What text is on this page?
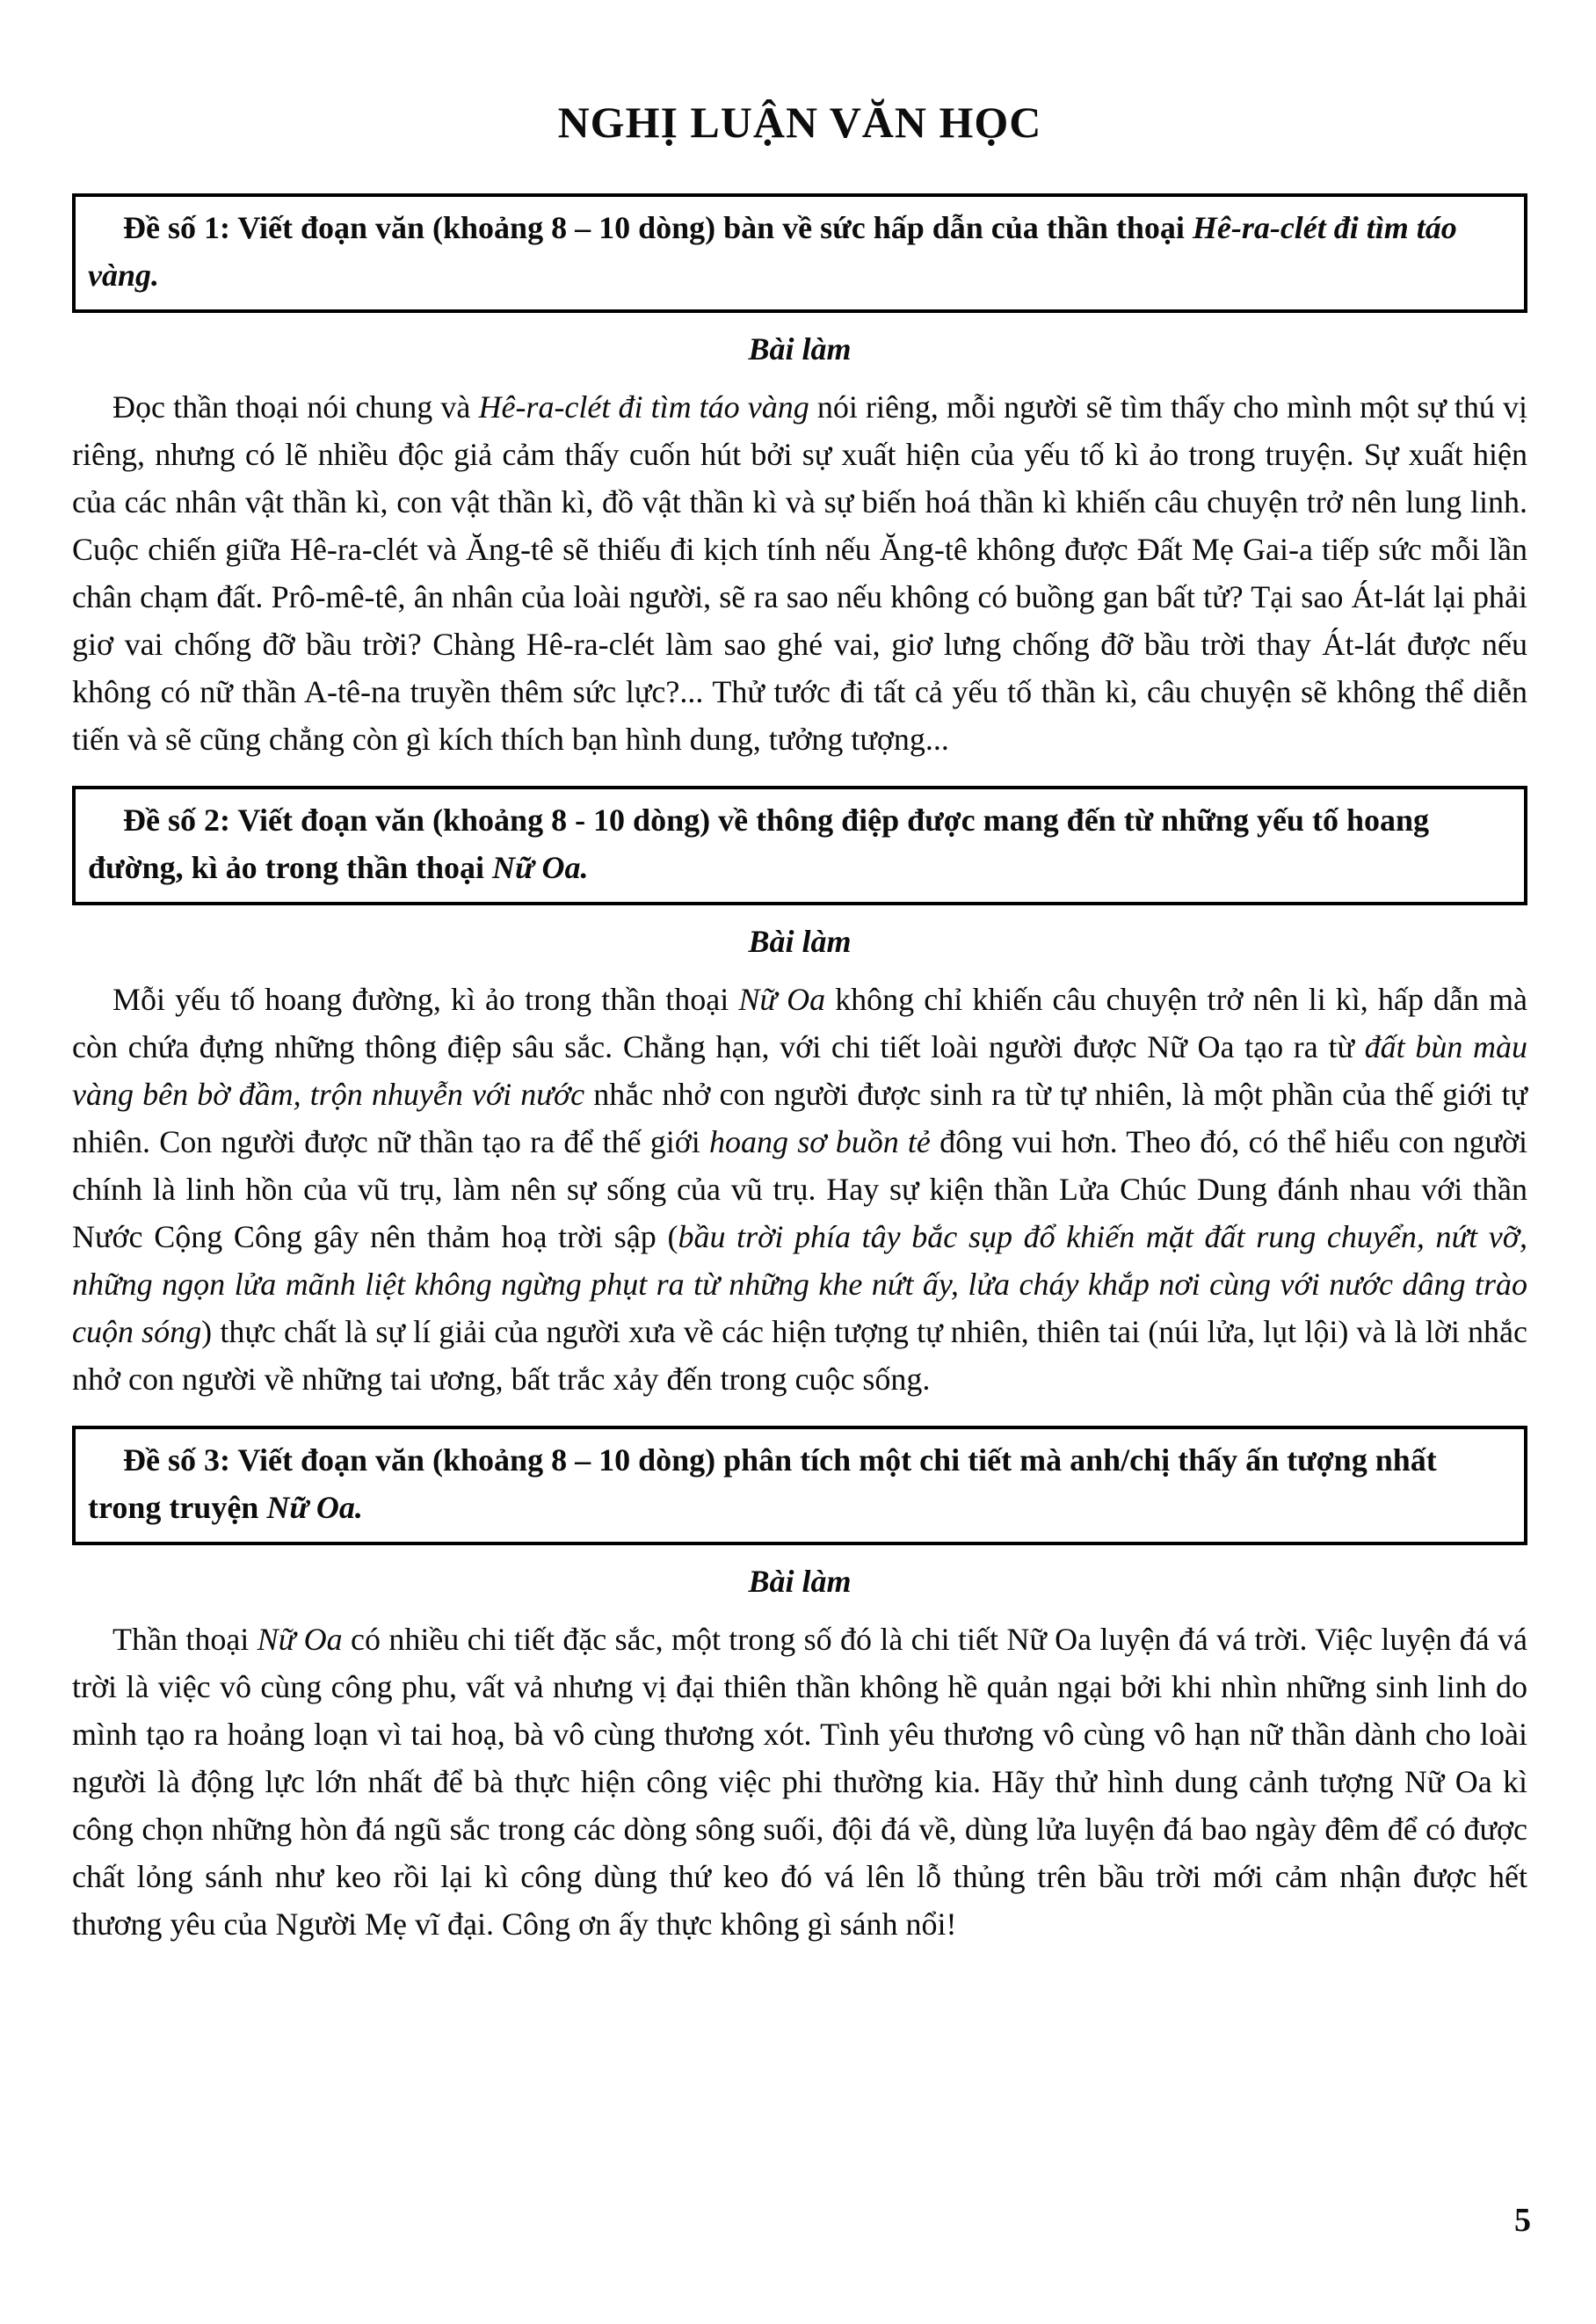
NGHỊ LUẬN VĂN HỌC

Đề số 1: Viết đoạn văn (khoảng 8 – 10 dòng) bàn về sức hấp dẫn của thần thoại Hê-ra-clét đi tìm táo vàng.

Bài làm

Đọc thần thoại nói chung và Hê-ra-clét đi tìm táo vàng nói riêng, mỗi người sẽ tìm thấy cho mình một sự thú vị riêng, nhưng có lẽ nhiều độc giả cảm thấy cuốn hút bởi sự xuất hiện của yếu tố kì ảo trong truyện. Sự xuất hiện của các nhân vật thần kì, con vật thần kì, đồ vật thần kì và sự biến hoá thần kì khiến câu chuyện trở nên lung linh. Cuộc chiến giữa Hê-ra-clét và Ăng-tê sẽ thiếu đi kịch tính nếu Ăng-tê không được Đất Mẹ Gai-a tiếp sức mỗi lần chân chạm đất. Prô-mê-tê, ân nhân của loài người, sẽ ra sao nếu không có buồng gan bất tử? Tại sao Át-lát lại phải giơ vai chống đỡ bầu trời? Chàng Hê-ra-clét làm sao ghé vai, giơ lưng chống đỡ bầu trời thay Át-lát được nếu không có nữ thần A-tê-na truyền thêm sức lực?... Thử tước đi tất cả yếu tố thần kì, câu chuyện sẽ không thể diễn tiến và sẽ cũng chẳng còn gì kích thích bạn hình dung, tưởng tượng...

Đề số 2: Viết đoạn văn (khoảng 8 - 10 dòng) về thông điệp được mang đến từ những yếu tố hoang đường, kì ảo trong thần thoại Nữ Oa.

Bài làm

Mỗi yếu tố hoang đường, kì ảo trong thần thoại Nữ Oa không chỉ khiến câu chuyện trở nên li kì, hấp dẫn mà còn chứa đựng những thông điệp sâu sắc. Chẳng hạn, với chi tiết loài người được Nữ Oa tạo ra từ đất bùn màu vàng bên bờ đầm, trộn nhuyễn với nước nhắc nhở con người được sinh ra từ tự nhiên, là một phần của thế giới tự nhiên. Con người được nữ thần tạo ra để thế giới hoang sơ buồn tẻ đông vui hơn. Theo đó, có thể hiểu con người chính là linh hồn của vũ trụ, làm nên sự sống của vũ trụ. Hay sự kiện thần Lửa Chúc Dung đánh nhau với thần Nước Cộng Công gây nên thảm hoạ trời sập (bầu trời phía tây bắc sụp đổ khiến mặt đất rung chuyển, nứt vỡ, những ngọn lửa mãnh liệt không ngừng phụt ra từ những khe nứt ấy, lửa cháy khắp nơi cùng với nước dâng trào cuộn sóng) thực chất là sự lí giải của người xưa về các hiện tượng tự nhiên, thiên tai (núi lửa, lụt lội) và là lời nhắc nhở con người về những tai ương, bất trắc xảy đến trong cuộc sống.

Đề số 3: Viết đoạn văn (khoảng 8 – 10 dòng) phân tích một chi tiết mà anh/chị thấy ấn tượng nhất trong truyện Nữ Oa.

Bài làm

Thần thoại Nữ Oa có nhiều chi tiết đặc sắc, một trong số đó là chi tiết Nữ Oa luyện đá vá trời. Việc luyện đá vá trời là việc vô cùng công phu, vất vả nhưng vị đại thiên thần không hề quản ngại bởi khi nhìn những sinh linh do mình tạo ra hoảng loạn vì tai hoạ, bà vô cùng thương xót. Tình yêu thương vô cùng vô hạn nữ thần dành cho loài người là động lực lớn nhất để bà thực hiện công việc phi thường kia. Hãy thử hình dung cảnh tượng Nữ Oa kì công chọn những hòn đá ngũ sắc trong các dòng sông suối, đội đá về, dùng lửa luyện đá bao ngày đêm để có được chất lỏng sánh như keo rồi lại kì công dùng thứ keo đó vá lên lỗ thủng trên bầu trời mới cảm nhận được hết thương yêu của Người Mẹ vĩ đại. Công ơn ấy thực không gì sánh nổi!

5
